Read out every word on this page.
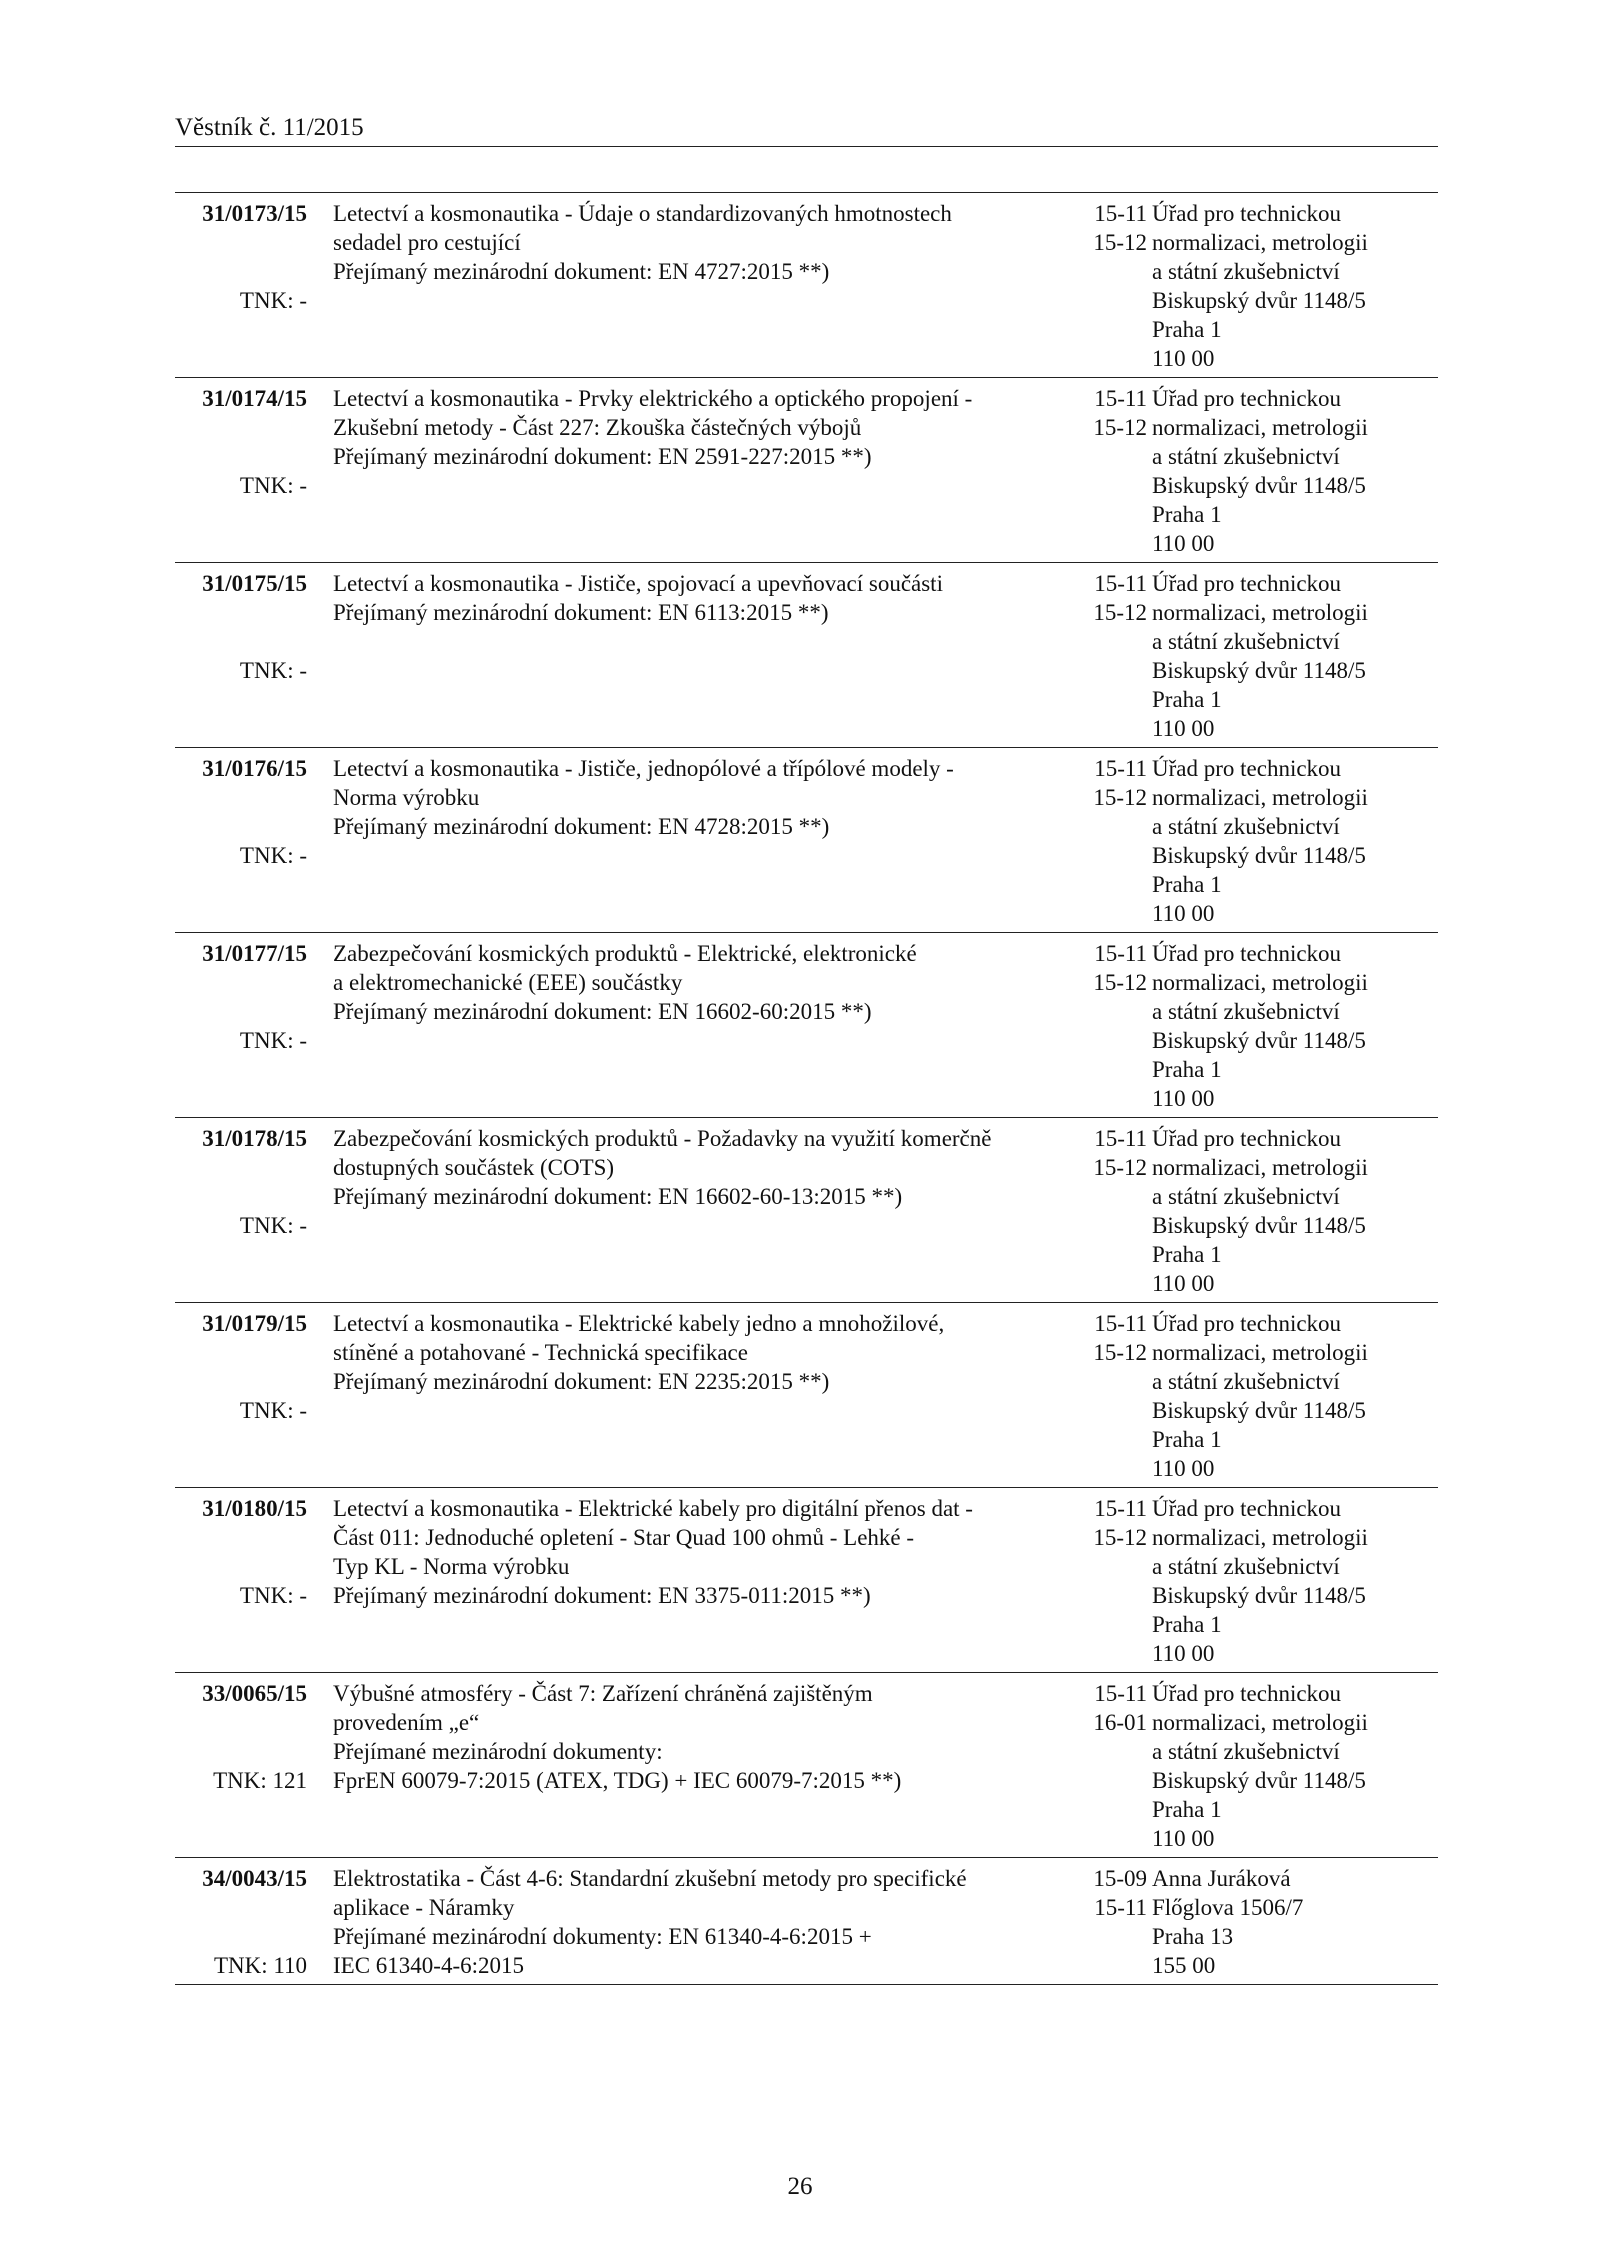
Věstník č. 11/2015
31/0173/15
TNK: -
Letectví a kosmonautika - Údaje o standardizovaných hmotnostech
sedadel pro cestující
Přejímaný mezinárodní dokument: EN 4727:2015 **)
15-11
15-12
Úřad pro technickou
normalizaci, metrologii
a státní zkušebnictví
Biskupský dvůr 1148/5
Praha 1
110 00
31/0174/15
TNK: -
Letectví a kosmonautika - Prvky elektrického a optického propojení -
Zkušební metody - Část 227: Zkouška částečných výbojů
Přejímaný mezinárodní dokument: EN 2591-227:2015 **)
15-11
15-12
Úřad pro technickou
normalizaci, metrologii
a státní zkušebnictví
Biskupský dvůr 1148/5
Praha 1
110 00
31/0175/15
TNK: -
Letectví a kosmonautika - Jističe, spojovací a upevňovací součásti
Přejímaný mezinárodní dokument: EN 6113:2015 **)
15-11
15-12
Úřad pro technickou
normalizaci, metrologii
a státní zkušebnictví
Biskupský dvůr 1148/5
Praha 1
110 00
31/0176/15
TNK: -
Letectví a kosmonautika - Jističe, jednopólové a třípólové modely -
Norma výrobku
Přejímaný mezinárodní dokument: EN 4728:2015 **)
15-11
15-12
Úřad pro technickou
normalizaci, metrologii
a státní zkušebnictví
Biskupský dvůr 1148/5
Praha 1
110 00
31/0177/15
TNK: -
Zabezpečování kosmických produktů - Elektrické, elektronické
a elektromechanické (EEE) součástky
Přejímaný mezinárodní dokument: EN 16602-60:2015 **)
15-11
15-12
Úřad pro technickou
normalizaci, metrologii
a státní zkušebnictví
Biskupský dvůr 1148/5
Praha 1
110 00
31/0178/15
TNK: -
Zabezpečování kosmických produktů - Požadavky na využití komerčně
dostupných součástek (COTS)
Přejímaný mezinárodní dokument: EN 16602-60-13:2015 **)
15-11
15-12
Úřad pro technickou
normalizaci, metrologii
a státní zkušebnictví
Biskupský dvůr 1148/5
Praha 1
110 00
31/0179/15
TNK: -
Letectví a kosmonautika - Elektrické kabely jedno a mnohožilové,
stíněné a potahované - Technická specifikace
Přejímaný mezinárodní dokument: EN 2235:2015 **)
15-11
15-12
Úřad pro technickou
normalizaci, metrologii
a státní zkušebnictví
Biskupský dvůr 1148/5
Praha 1
110 00
31/0180/15
TNK: -
Letectví a kosmonautika - Elektrické kabely pro digitální přenos dat -
Část 011: Jednoduché opletení - Star Quad 100 ohmů - Lehké -
Typ KL - Norma výrobku
Přejímaný mezinárodní dokument: EN 3375-011:2015 **)
15-11
15-12
Úřad pro technickou
normalizaci, metrologii
a státní zkušebnictví
Biskupský dvůr 1148/5
Praha 1
110 00
33/0065/15
TNK: 121
Výbušné atmosféry - Část 7: Zařízení chráněná zajištěným
provedením „e“
Přejímané mezinárodní dokumenty:
FprEN 60079-7:2015 (ATEX, TDG) + IEC 60079-7:2015 **)
15-11
16-01
Úřad pro technickou
normalizaci, metrologii
a státní zkušebnictví
Biskupský dvůr 1148/5
Praha 1
110 00
34/0043/15
TNK: 110
Elektrostatika - Část 4-6: Standardní zkušební metody pro specifické
aplikace - Náramky
Přejímané mezinárodní dokumenty: EN 61340-4-6:2015 +
IEC 61340-4-6:2015
15-09
15-11
Anna Juráková
Flőglova 1506/7
Praha 13
155 00
26
